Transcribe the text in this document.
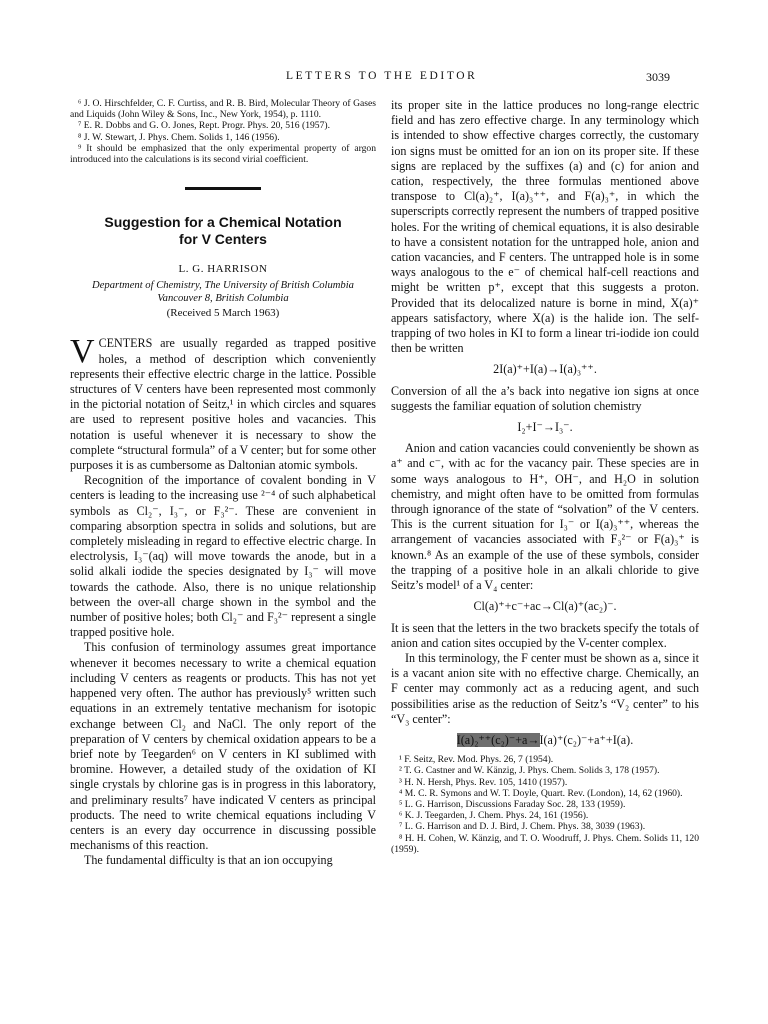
LETTERS TO THE EDITOR	3039

⁶ J. O. Hirschfelder, C. F. Curtiss, and R. B. Bird, Molecular Theory of Gases and Liquids (John Wiley & Sons, Inc., New York, 1954), p. 1110.

⁷ E. R. Dobbs and G. O. Jones, Rept. Progr. Phys. 20, 516 (1957).

⁸ J. W. Stewart, J. Phys. Chem. Solids 1, 146 (1956).

⁹ It should be emphasized that the only experimental property of argon introduced into the calculations is its second virial coefficient.

Suggestion for a Chemical Notation
for V Centers

L. G. HARRISON

Department of Chemistry, The University of British Columbia

Vancouver 8, British Columbia

(Received 5 March 1963)

VCENTERS are usually regarded as trapped positive holes, a method of description which conveniently represents their effective electric charge in the lattice. Possible structures of V centers have been represented most commonly in the pictorial notation of Seitz,¹ in which circles and squares are used to represent positive holes and vacancies. This notation is useful whenever it is necessary to show the complete “structural formula” of a V center; but for some other purposes it is as cumbersome as Daltonian atomic symbols.

Recognition of the importance of covalent bonding in V centers is leading to the increasing use ²⁻⁴ of such alphabetical symbols as Cl₂⁻, I₃⁻, or F₃²⁻. These are convenient in comparing absorption spectra in solids and solutions, but are completely misleading in regard to effective electric charge. In electrolysis, I₃⁻(aq) will move towards the anode, but in a solid alkali iodide the species designated by I₃⁻ will move towards the cathode. Also, there is no unique relationship between the over-all charge shown in the symbol and the number of positive holes; both Cl₂⁻ and F₃²⁻ represent a single trapped positive hole.

This confusion of terminology assumes great importance whenever it becomes necessary to write a chemical equation including V centers as reagents or products. This has not yet happened very often. The author has previously⁵ written such equations in an extremely tentative mechanism for isotopic exchange between Cl₂ and NaCl. The only report of the preparation of V centers by chemical oxidation appears to be a brief note by Teegarden⁶ on V centers in KI sublimed with bromine. However, a detailed study of the oxidation of KI single crystals by chlorine gas is in progress in this laboratory, and preliminary results⁷ have indicated V centers as principal products. The need to write chemical equations including V centers is an every day occurrence in discussing possible mechanisms of this reaction.

The fundamental difficulty is that an ion occupying

its proper site in the lattice produces no long-range electric field and has zero effective charge. In any terminology which is intended to show effective charges correctly, the customary ion signs must be omitted for an ion on its proper site. If these signs are replaced by the suffixes (a) and (c) for anion and cation, respectively, the three formulas mentioned above transpose to Cl(a)₂⁺, I(a)₃⁺⁺, and F(a)₃⁺, in which the superscripts correctly represent the numbers of trapped positive holes. For the writing of chemical equations, it is also desirable to have a consistent notation for the untrapped hole, anion and cation vacancies, and F centers. The untrapped hole is in some ways analogous to the e⁻ of chemical half-cell reactions and might be written p⁺, except that this suggests a proton. Provided that its delocalized nature is borne in mind, X(a)⁺ appears satisfactory, where X(a) is the halide ion. The self-trapping of two holes in KI to form a linear tri-iodide ion could then be written

2I(a)⁺+I(a)→I(a)₃⁺⁺.

Conversion of all the a’s back into negative ion signs at once suggests the familiar equation of solution chemistry

I₂+I⁻→I₃⁻.

Anion and cation vacancies could conveniently be shown as a⁺ and c⁻, with ac for the vacancy pair. These species are in some ways analogous to H⁺, OH⁻, and H₂O in solution chemistry, and might often have to be omitted from formulas through ignorance of the state of “solvation” of the V centers. This is the current situation for I₃⁻ or I(a)₃⁺⁺, whereas the arrangement of vacancies associated with F₃²⁻ or F(a)₃⁺ is known.⁸ As an example of the use of these symbols, consider the trapping of a positive hole in an alkali chloride to give Seitz’s model¹ of a V₄ center:

Cl(a)⁺+c⁻+ac→Cl(a)⁺(ac₂)⁻.

It is seen that the letters in the two brackets specify the totals of anion and cation sites occupied by the V-center complex.

In this terminology, the F center must be shown as a, since it is a vacant anion site with no effective charge. Chemically, an F center may commonly act as a reducing agent, and such possibilities arise as the reduction of Seitz’s “V₂ center” to his “V₃ center”:

I(a)₂⁺⁺(c₂)⁻+a→I(a)⁺(c₂)⁻+a⁺+I(a).

¹ F. Seitz, Rev. Mod. Phys. 26, 7 (1954).

² T. G. Castner and W. Känzig, J. Phys. Chem. Solids 3, 178 (1957).

³ H. N. Hersh, Phys. Rev. 105, 1410 (1957).

⁴ M. C. R. Symons and W. T. Doyle, Quart. Rev. (London), 14, 62 (1960).

⁵ L. G. Harrison, Discussions Faraday Soc. 28, 133 (1959).

⁶ K. J. Teegarden, J. Chem. Phys. 24, 161 (1956).

⁷ L. G. Harrison and D. J. Bird, J. Chem. Phys. 38, 3039 (1963).

⁸ H. H. Cohen, W. Känzig, and T. O. Woodruff, J. Phys. Chem. Solids 11, 120 (1959).
